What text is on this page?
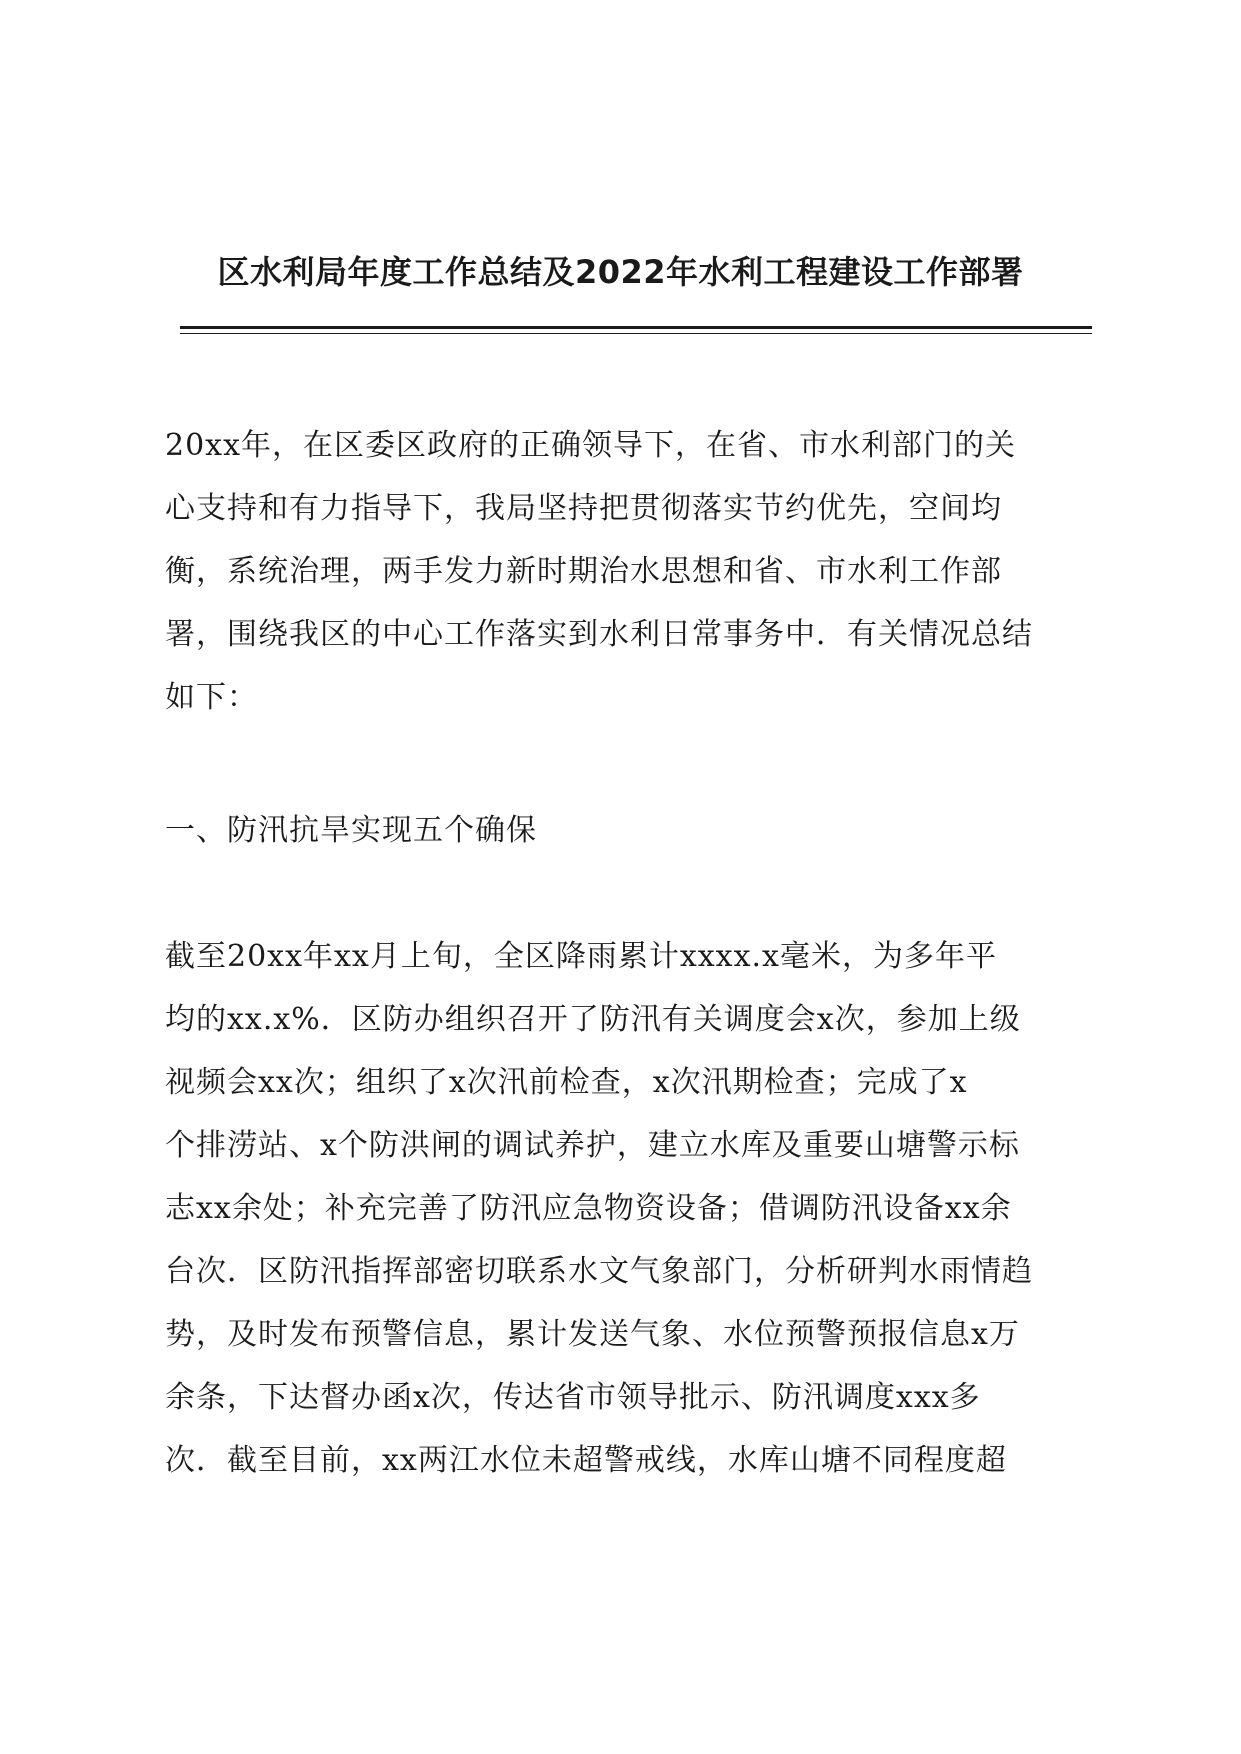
区水利局年度工作总结及2022年水利工程建设工作部署
20xx年，在区委区政府的正确领导下，在省、市水利部门的关
心支持和有力指导下，我局坚持把贯彻落实节约优先，空间均
衡，系统治理，两手发力新时期治水思想和省、市水利工作部
署，围绕我区的中心工作落实到水利日常事务中．有关情况总结
如下：
一、防汛抗旱实现五个确保
截至20xx年xx月上旬，全区降雨累计xxxx.x毫米，为多年平
均的xx.x%．区防办组织召开了防汛有关调度会x次，参加上级
视频会xx次；组织了x次汛前检查，x次汛期检查；完成了x
个排涝站、x个防洪闸的调试养护，建立水库及重要山塘警示标
志xx余处；补充完善了防汛应急物资设备；借调防汛设备xx余
台次．区防汛指挥部密切联系水文气象部门，分析研判水雨情趋
势，及时发布预警信息，累计发送气象、水位预警预报信息x万
余条，下达督办函x次，传达省市领导批示、防汛调度xxx多
次．截至目前，xx两江水位未超警戒线，水库山塘不同程度超
